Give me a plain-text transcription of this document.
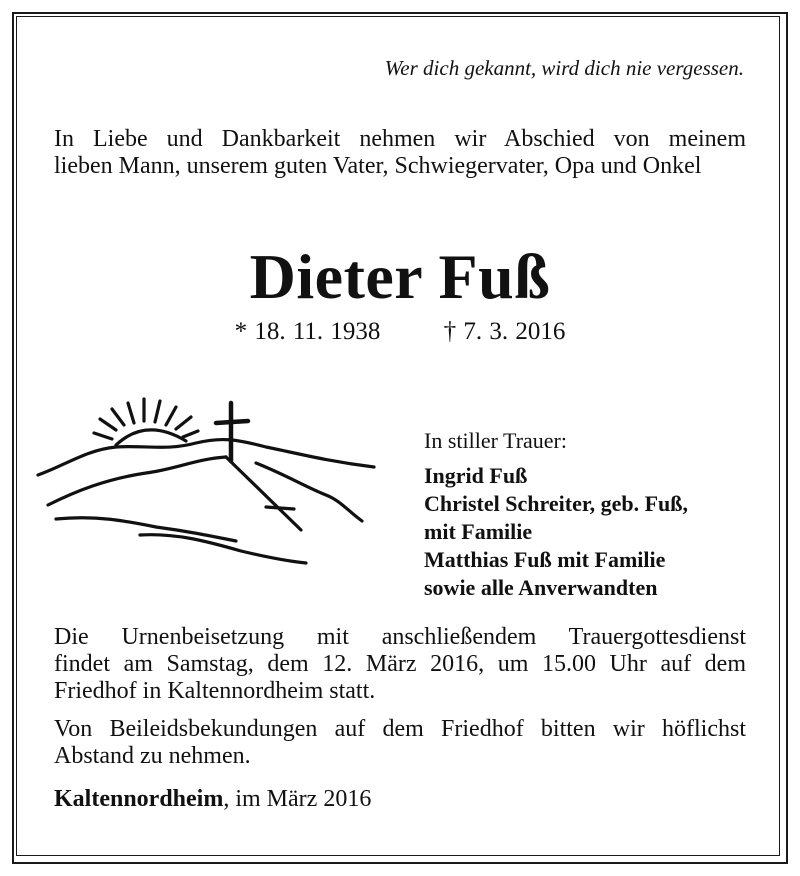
Wer dich gekannt, wird dich nie vergessen.
In Liebe und Dankbarkeit nehmen wir Abschied von meinem
lieben Mann, unserem guten Vater, Schwiegervater, Opa und Onkel
Dieter Fuß
* 18. 11. 1938	† 7. 3. 2016
In stiller Trauer:
Ingrid Fuß
Christel Schreiter, geb. Fuß,
mit Familie
Matthias Fuß mit Familie
sowie alle Anverwandten
Die Urnenbeisetzung mit anschließendem Trauergottesdienst
findet am Samstag, dem 12. März 2016, um 15.00 Uhr auf dem
Friedhof in Kaltennordheim statt.
Von Beileidsbekundungen auf dem Friedhof bitten wir höflichst
Abstand zu nehmen.
Kaltennordheim, im März 2016
